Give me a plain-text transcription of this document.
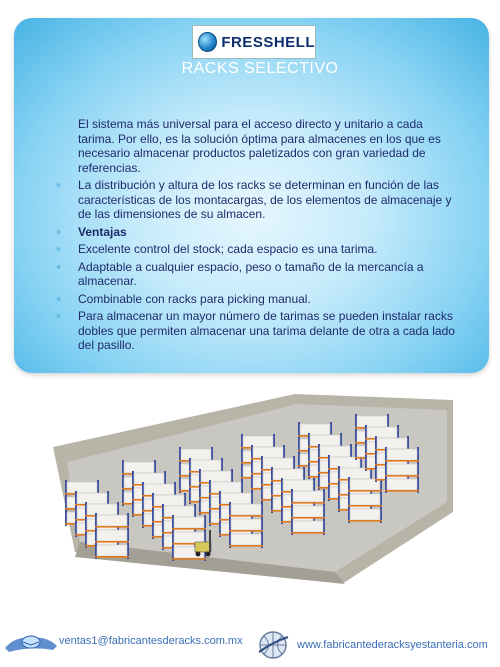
FRESSHELL
RACKS SELECTIVO
El sistema más universal para el acceso directo y unitario a cada tarima. Por ello, es la solución óptima para almacenes en los que es necesario almacenar productos paletizados con gran variedad de referencias.
⁎ La distribución y altura de los racks se determinan en función de las características de los montacargas, de los elementos de almacenaje y de las dimensiones de su almacen.
⁎ Ventajas
⁎ Excelente control del stock; cada espacio es una tarima.
⁎ Adaptable a cualquier espacio, peso o tamaño de la mercancía a almacenar.
⁎ Combinable con racks para picking manual.
⁎ Para almacenar un mayor número de tarimas se pueden instalar racks dobles que permiten almacenar una tarima delante de otra a cada lado del pasillo.
ventas1@fabricantesderacks.com.mx	www.fabricantederacksyestanteria.com
